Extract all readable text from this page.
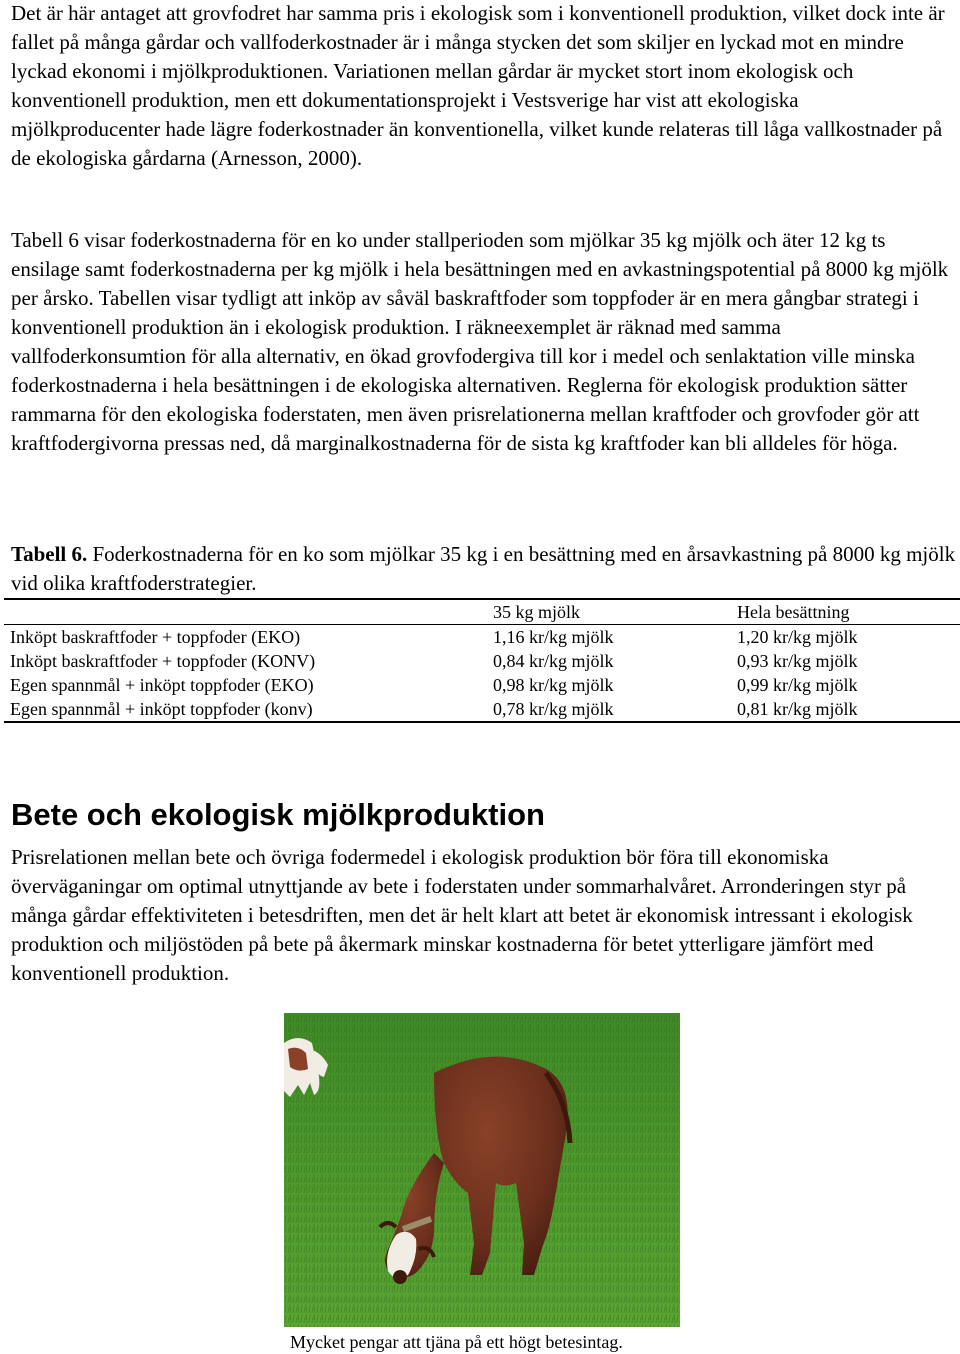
Det är här antaget att grovfodret har samma pris i ekologisk som i konventionell produktion, vilket dock inte är fallet på många gårdar och vallfoderkostnader är i många stycken det som skiljer en lyckad mot en mindre lyckad ekonomi i mjölkproduktionen. Variationen mellan gårdar är mycket stort inom ekologisk och konventionell produktion, men ett dokumentationsprojekt i Vestsverige har vist att ekologiska mjölkproducenter hade lägre foderkostnader än konventionella, vilket kunde relateras till låga vallkostnader på de ekologiska gårdarna (Arnesson, 2000).

Tabell 6 visar foderkostnaderna för en ko under stallperioden som mjölkar 35 kg mjölk och äter 12 kg ts ensilage samt foderkostnaderna per kg mjölk i hela besättningen med en avkastningspotential på 8000 kg mjölk per årsko. Tabellen visar tydligt att inköp av såväl baskraftfoder som toppfoder är en mera gångbar strategi i konventionell produktion än i ekologisk produktion. I räkneexemplet är räknad med samma vallfoderkonsumtion för alla alternativ, en ökad grovfodergiva till kor i medel och senlaktation ville minska foderkostnaderna i hela besättningen i de ekologiska alternativen. Reglerna för ekologisk produktion sätter rammarna för den ekologiska foderstaten, men även prisrelationerna mellan kraftfoder och grovfoder gör att kraftfodergivorna pressas ned, då marginalkostnaderna för de sista kg kraftfoder kan bli alldeles för höga.

Tabell 6. Foderkostnaderna för en ko som mjölkar 35 kg i en besättning med en årsavkastning på 8000 kg mjölk vid olika kraftfoderstrategier.

	35 kg mjölk	Hela besättning
Inköpt baskraftfoder + toppfoder (EKO)	1,16 kr/kg mjölk	1,20 kr/kg mjölk
Inköpt baskraftfoder + toppfoder (KONV)	0,84 kr/kg mjölk	0,93 kr/kg mjölk
Egen spannmål + inköpt toppfoder (EKO)	0,98 kr/kg mjölk	0,99 kr/kg mjölk
Egen spannmål + inköpt toppfoder (konv)	0,78 kr/kg mjölk	0,81 kr/kg mjölk
Bete och ekologisk mjölkproduktion

Prisrelationen mellan bete och övriga fodermedel i ekologisk produktion bör föra till ekonomiska överväganingar om optimal utnyttjande av bete i foderstaten under sommarhalvåret. Arronderingen styr på många gårdar effektiviteten i betesdriften, men det är helt klart att betet är ekonomisk intressant i ekologisk produktion och miljöstöden på bete på åkermark minskar kostnaderna för betet ytterligare jämfört med konventionell produktion.

Mycket pengar att tjäna på ett högt betesintag.
